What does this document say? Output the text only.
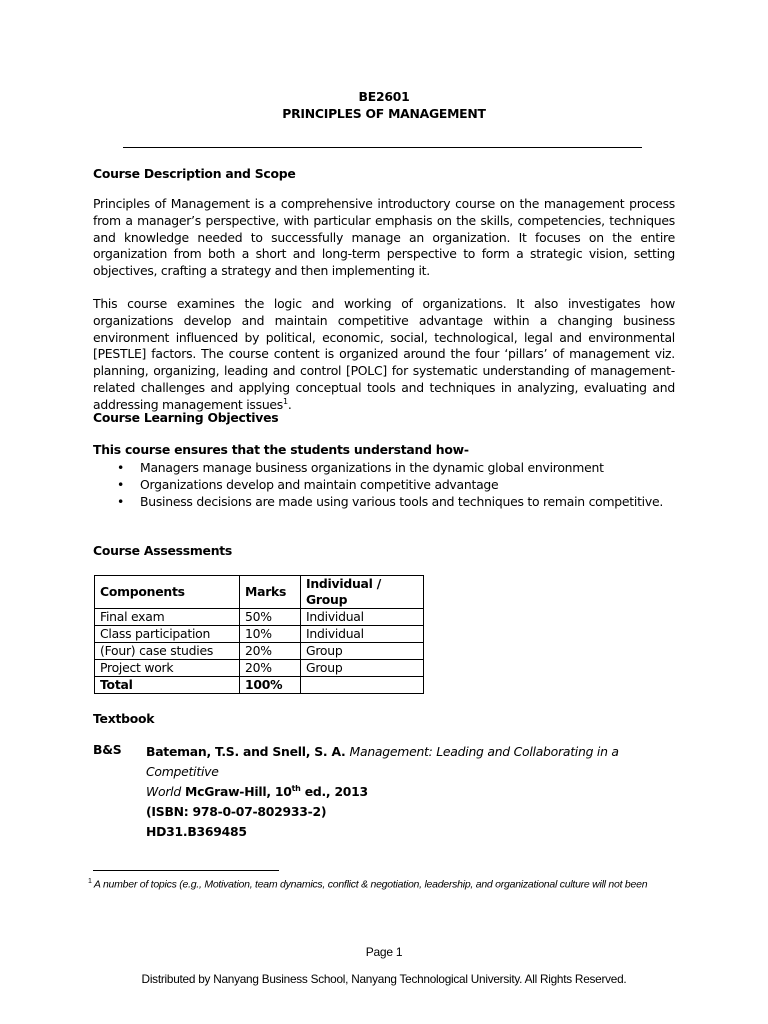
BE2601
PRINCIPLES OF MANAGEMENT
Course Description and Scope
Principles of Management is a comprehensive introductory course on the management process from a manager’s perspective, with particular emphasis on the skills, competencies, techniques and knowledge needed to successfully manage an organization. It focuses on the entire organization from both a short and long-term perspective to form a strategic vision, setting objectives, crafting a strategy and then implementing it.
This course examines the logic and working of organizations. It also investigates how organizations develop and maintain competitive advantage within a changing business environment influenced by political, economic, social, technological, legal and environmental [PESTLE] factors. The course content is organized around the four ‘pillars’ of management viz. planning, organizing, leading and control [POLC] for systematic understanding of management-related challenges and applying conceptual tools and techniques in analyzing, evaluating and addressing management issues$^1$.
Course Learning Objectives
This course ensures that the students understand how-
• Managers manage business organizations in the dynamic global environment
• Organizations develop and maintain competitive advantage
• Business decisions are made using various tools and techniques to remain competitive.
Course Assessments
Components	Marks	Individual / Group
Final exam	50%	Individual
Class participation	10%	Individual
(Four) case studies	20%	Group
Project work	20%	Group
Total	100%	
Textbook
B&S Bateman, T.S. and Snell, S. A. Management: Leading and Collaborating in a Competitive
World McGraw-Hill, 10th ed., 2013
(ISBN: 978-0-07-802933-2)
HD31.B369485
$^1$ A number of topics (e.g., Motivation, team dynamics, conflict & negotiation, leadership, and organizational culture will not been
Page 1
Distributed by Nanyang Business School, Nanyang Technological University. All Rights Reserved.
